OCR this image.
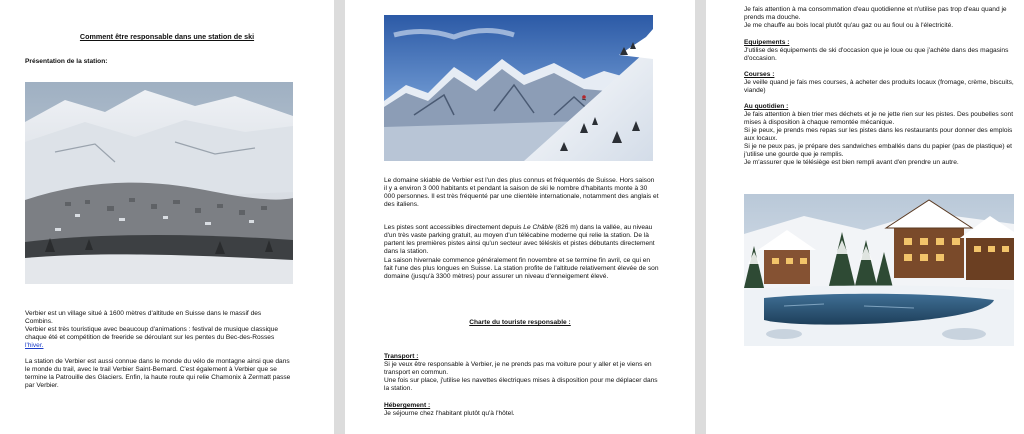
Comment être responsable dans une station de ski
Présentation de la station:
Verbier est un village situé à 1600 mètres d'altitude en Suisse dans le massif des Combins.
Verbier est très touristique avec beaucoup d'animations : festival de musique classique chaque été et compétition de freeride se déroulant sur les pentes du Bec-des-Rosses l'hiver.
La station de Verbier est aussi connue dans le monde du vélo de montagne ainsi que dans le monde du trail, avec le trail Verbier Saint-Bernard. C'est également à Verbier que se termine la Patrouille des Glaciers. Enfin, la haute route qui relie Chamonix à Zermatt passe par Verbier.
Le domaine skiable de Verbier est l'un des plus connus et fréquentés de Suisse. Hors saison il y a environ 3 000 habitants et pendant la saison de ski le nombre d'habitants monte à 30 000 personnes. Il est très fréquenté par une clientèle internationale, notamment des anglais et des italiens.
Les pistes sont accessibles directement depuis Le Châble (826 m) dans la vallée, au niveau d'un très vaste parking gratuit, au moyen d'un télécabine moderne qui relie la station. De là partent les premières pistes ainsi qu'un secteur avec téléskis et pistes débutants directement dans la station.
La saison hivernale commence généralement fin novembre et se termine fin avril, ce qui en fait l'une des plus longues en Suisse. La station profite de l'altitude relativement élevée de son domaine (jusqu'à 3300 mètres) pour assurer un niveau d'enneigement élevé.
Charte du touriste responsable :
Transport :
Si je veux être responsable à Verbier, je ne prends pas ma voiture pour y aller et je viens en transport en commun.
Une fois sur place, j'utilise les navettes électriques mises à disposition pour me déplacer dans la station.
Hébergement :
Je séjourne chez l'habitant plutôt qu'à l'hôtel.
Je fais attention à ma consommation d'eau quotidienne et n'utilise pas trop d'eau quand je prends ma douche.
Je me chauffe au bois local plutôt qu'au gaz ou au fioul ou à l'électricité.
Equipements :
J'utilise des équipements de ski d'occasion que je loue ou que j'achète dans des magasins d'occasion.
Courses :
Je veille quand je fais mes courses, à acheter des produits locaux (fromage, crème, biscuits, viande)
Au quotidien :
Je fais attention à bien trier mes déchets et je ne jette rien sur les pistes. Des poubelles sont mises à disposition à chaque remontée mécanique.
Si je peux, je prends mes repas sur les pistes dans les restaurants pour donner des emplois aux locaux.
Si je ne peux pas, je prépare des sandwiches emballés dans du papier (pas de plastique) et j'utilise une gourde que je remplis.
Je m'assurer que le télésiège est bien rempli avant d'en prendre un autre.
